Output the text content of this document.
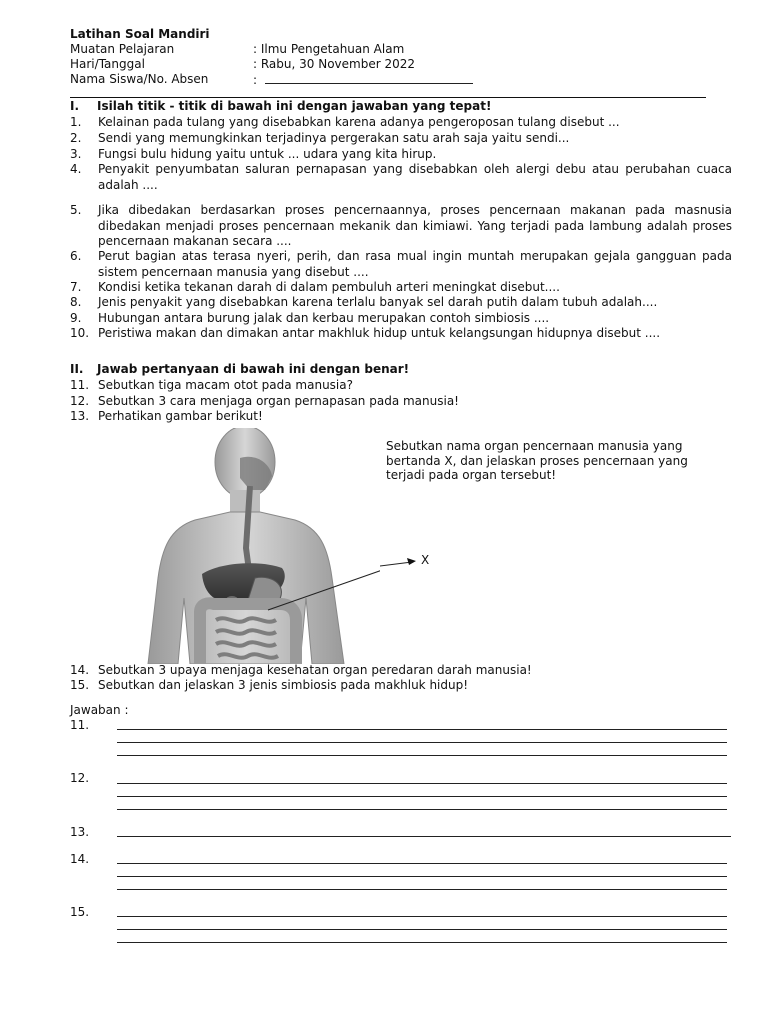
Latihan Soal Mandiri
Muatan Pelajaran	: Ilmu Pengetahuan Alam
Hari/Tanggal	: Rabu, 30 November 2022
Nama Siswa/No. Absen	:
I. Isilah titik - titik di bawah ini dengan jawaban yang tepat!
1. Kelainan pada tulang yang disebabkan karena adanya pengeroposan tulang disebut ...
2. Sendi yang memungkinkan terjadinya pergerakan satu arah saja yaitu sendi...
3. Fungsi bulu hidung yaitu untuk ... udara yang kita hirup.
4. Penyakit penyumbatan saluran pernapasan yang disebabkan oleh alergi debu atau perubahan cuaca adalah ....
5. Jika dibedakan berdasarkan proses pencernaannya, proses pencernaan makanan pada masnusia dibedakan menjadi proses pencernaan mekanik dan kimiawi. Yang terjadi pada lambung adalah proses pencernaan makanan secara ....
6. Perut bagian atas terasa nyeri, perih, dan rasa mual ingin muntah merupakan gejala gangguan pada sistem pencernaan manusia yang disebut ....
7. Kondisi ketika tekanan darah di dalam pembuluh arteri meningkat disebut....
8. Jenis penyakit yang disebabkan karena terlalu banyak sel darah putih dalam tubuh adalah....
9. Hubungan antara burung jalak dan kerbau merupakan contoh simbiosis ....
10. Peristiwa makan dan dimakan antar makhluk hidup untuk kelangsungan hidupnya disebut ....
II. Jawab pertanyaan di bawah ini dengan benar!
11. Sebutkan tiga macam otot pada manusia?
12. Sebutkan 3 cara menjaga organ pernapasan pada manusia!
13. Perhatikan gambar berikut!
X
Sebutkan nama organ pencernaan manusia yang bertanda X, dan jelaskan proses pencernaan yang terjadi pada organ tersebut!
14. Sebutkan 3 upaya menjaga kesehatan organ peredaran darah manusia!
15. Sebutkan dan jelaskan 3 jenis simbiosis pada makhluk hidup!
Jawaban :
11.
12.
13.
14.
15.
